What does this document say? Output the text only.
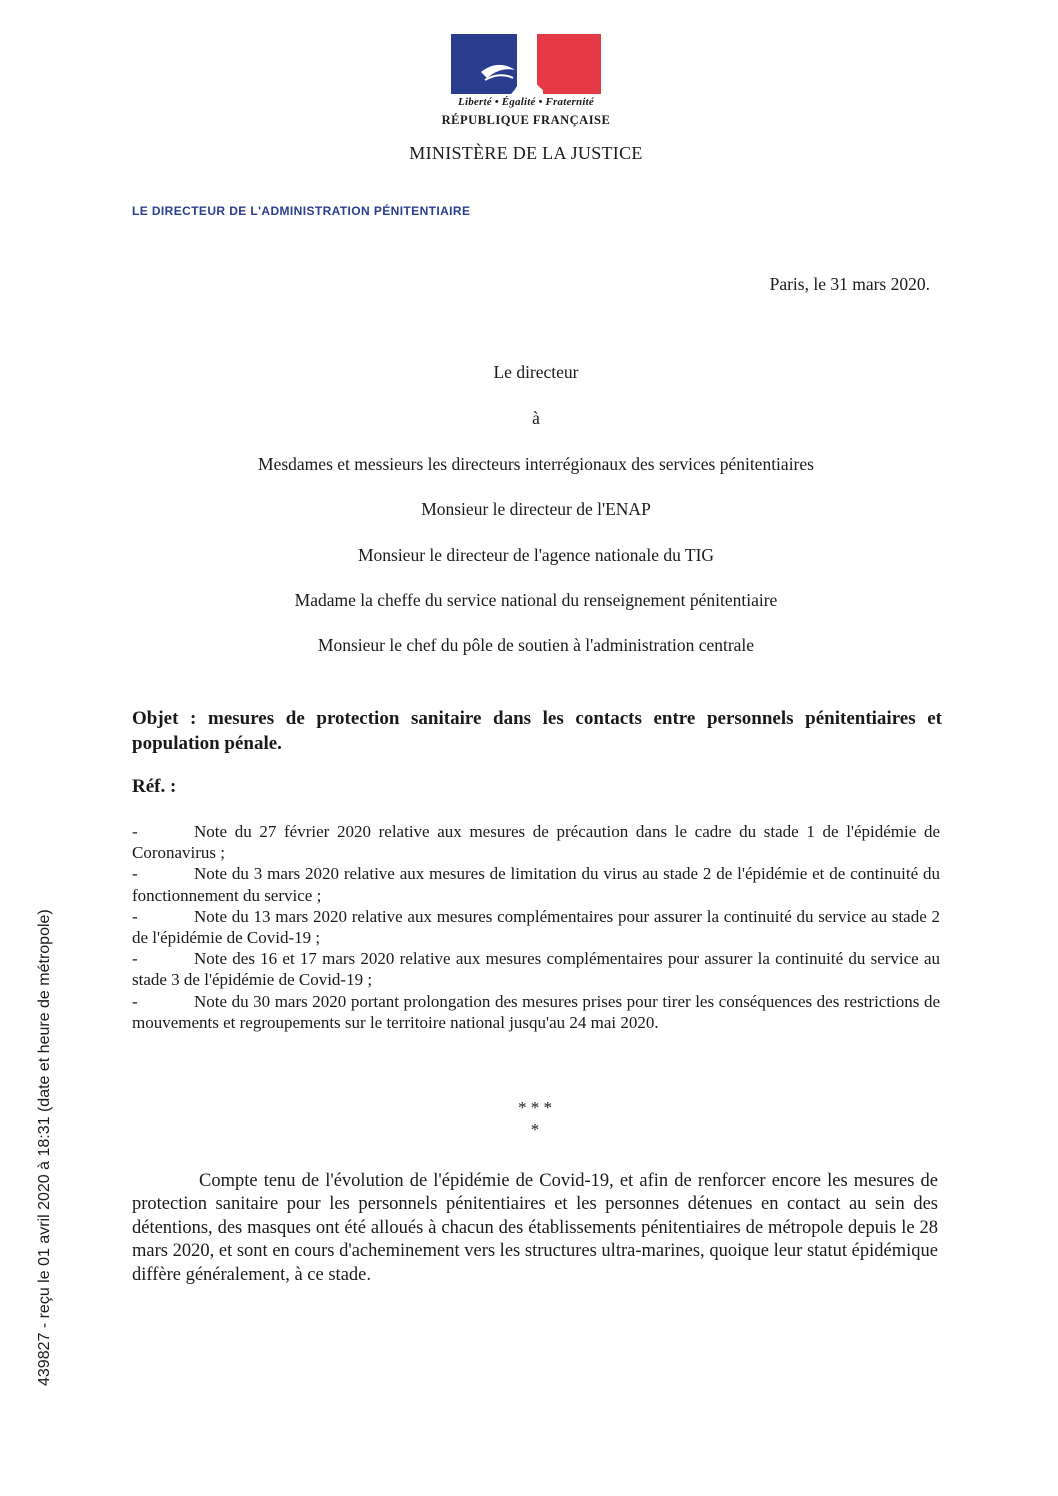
Liberté • Égalité • Fraternité
RÉPUBLIQUE FRANÇAISE
MINISTÈRE DE LA JUSTICE
LE DIRECTEUR DE L'ADMINISTRATION PÉNITENTIAIRE
Paris, le 31 mars 2020.
Le directeur
à
Mesdames et messieurs les directeurs interrégionaux des services pénitentiaires
Monsieur le directeur de l'ENAP
Monsieur le directeur de l'agence nationale du TIG
Madame la cheffe du service national du renseignement pénitentiaire
Monsieur le chef du pôle de soutien à l'administration centrale
Objet : mesures de protection sanitaire dans les contacts entre personnels pénitentiaires et population pénale.
Réf. :
-	Note du 27 février 2020 relative aux mesures de précaution dans le cadre du stade 1 de l'épidémie de Coronavirus ;
-	Note du 3 mars 2020 relative aux mesures de limitation du virus au stade 2 de l'épidémie et de continuité du fonctionnement du service ;
-	Note du 13 mars 2020 relative aux mesures complémentaires pour assurer la continuité du service au stade 2 de l'épidémie de Covid-19 ;
-	Note des 16 et 17 mars 2020 relative aux mesures complémentaires pour assurer la continuité du service au stade 3 de l'épidémie de Covid-19 ;
-	Note du 30 mars 2020 portant prolongation des mesures prises pour tirer les conséquences des restrictions de mouvements et regroupements sur le territoire national jusqu'au 24 mai 2020.
* * *
*
Compte tenu de l'évolution de l'épidémie de Covid-19, et afin de renforcer encore les mesures de protection sanitaire pour les personnels pénitentiaires et les personnes détenues en contact au sein des détentions, des masques ont été alloués à chacun des établissements pénitentiaires de métropole depuis le 28 mars 2020, et sont en cours d'acheminement vers les structures ultra-marines, quoique leur statut épidémique diffère généralement, à ce stade.
439827 - reçu le 01 avril 2020 à 18:31 (date et heure de métropole)
